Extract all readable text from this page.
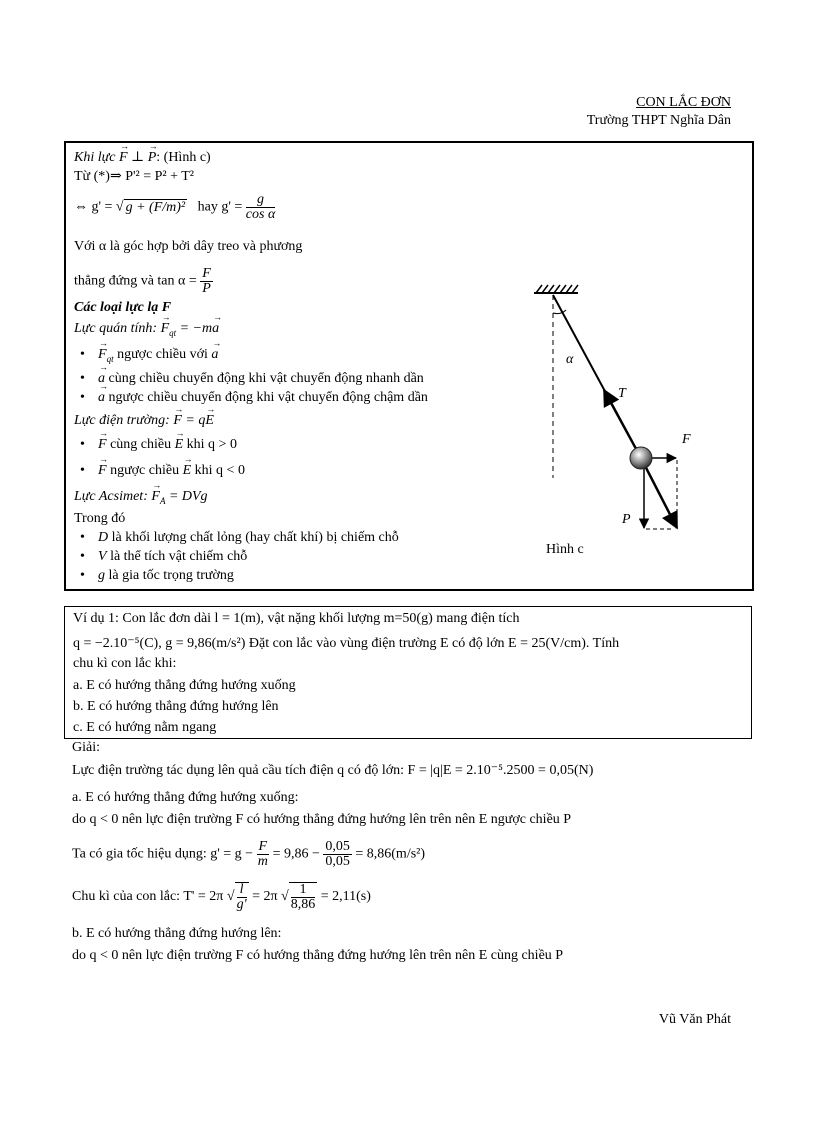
CON LẮC ĐƠN
Trường THPT Nghĩa Dân
Khi lực F → ⊥ P →: (Hình c)
Từ (*)⇒ P'² = P² + T²
⇔ g' = √ g + (F/m)² hay $g' = \frac{g}{\text{cos α}}$
Với α là góc hợp bởi dây treo và phương
thẳng đứng và $\tan \alpha = \frac{F}{P}$
Các loại lực lạ F
Lực quán tính: $F_{qt}$ → = −ma →
• $F_{qt}$ → ngược chiều với a →
• a → cùng chiều chuyển động khi vật chuyển động nhanh dần
• a → ngược chiều chuyển động khi vật chuyển động chậm dần
Lực điện trường: F → = qE →
• F → cùng chiều E → khi q > 0
• F → ngược chiều E → khi q < 0
Lực Acsimet: $F_A$ → = DVg
Trong đó
• D là khối lượng chất lỏng (hay chất khí) bị chiếm chỗ
• V là thể tích vật chiếm chỗ
• g là gia tốc trọng trường
α
T
P
F
Hình c
Ví dụ 1: Con lắc đơn dài l = 1(m), vật nặng khối lượng m=50(g) mang điện tích
q = −2.10⁻⁵(C), g = 9,86(m/s²) Đặt con lắc vào vùng điện trường E có độ lớn E = 25(V/cm). Tính
chu kì con lắc khi:
a. E có hướng thẳng đứng hướng xuống
b. E có hướng thẳng đứng hướng lên
c. E có hướng nằm ngang
Giải:
Lực điện trường tác dụng lên quả cầu tích điện q có độ lớn: F = |q|E = 2.10⁻⁵.2500 = 0,05(N)
a. E có hướng thẳng đứng hướng xuống:
do q < 0 nên lực điện trường F có hướng thẳng đứng hướng lên trên nên E ngược chiều P
Ta có gia tốc hiệu dụng: $g' = g - \frac{F}{m} = 9,86 - \frac{0,05}{0,05} = 8,86(m/s^2)$
Chu kì của con lắc: T' = 2π √ $\frac{l}{g'} = 2\pi$ √ $\frac{1}{8,86} = 2,11(s)$
b. E có hướng thẳng đứng hướng lên:
do q < 0 nên lực điện trường F có hướng thẳng đứng hướng lên trên nên E cùng chiều P
Vũ Văn Phát
